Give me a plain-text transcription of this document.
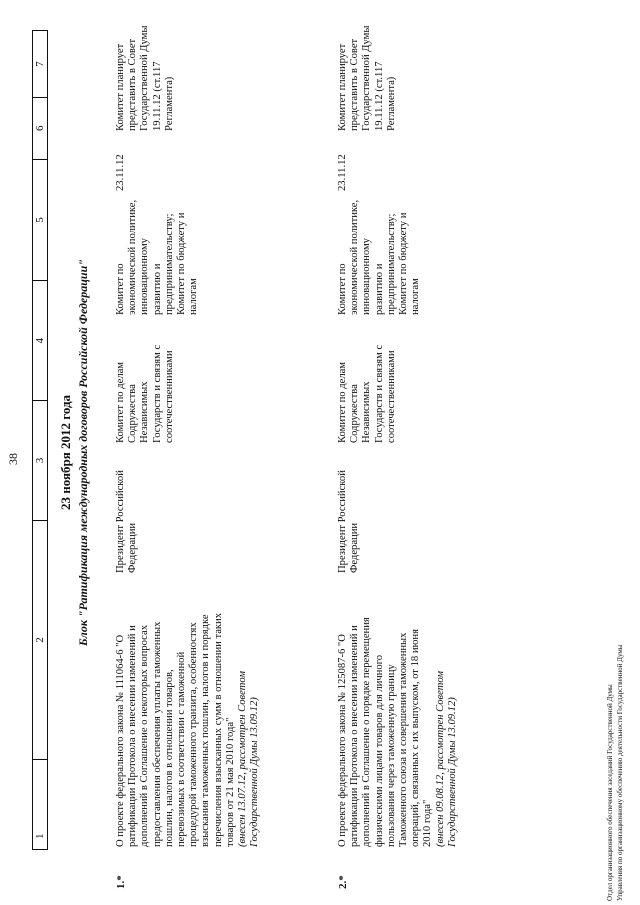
38
1
2
3
4
5
6
7
23 ноября 2012 года Блок "Ратификация международных договоров Российской Федерации"
1.*
О проекте федерального закона № 111064-6 "О ратификации Протокола о внесении изменений и дополнений в Соглашение о некоторых вопросах предоставления обеспечения уплаты таможенных пошлин, налогов в отношении товаров, перевозимых в соответствии с таможенной процедурой таможенного транзита, особенностях взыскания таможенных пошлин, налогов и порядке перечисления взысканных сумм в отношении таких товаров от 21 мая 2010 года" (внесен 13.07.12, рассмотрен Советом Государственной Думы 13.09.12)
Президент Российской Федерации
Комитет по делам Содружества Независимых Государств и связям с соотечественниками
Комитет по экономической политике, инновационному развитию и предпринимательству; Комитет по бюджету и налогам
23.11.12
Комитет планирует представить в Совет Государственной Думы 19.11.12 (ст.117 Регламента)
2.*
О проекте федерального закона № 125087-6 "О ратификации Протокола о внесении изменений и дополнений в Соглашение о порядке перемещения физическими лицами товаров для личного пользования через таможенную границу Таможенного союза и совершения таможенных операций, связанных с их выпуском, от 18 июня 2010 года" (внесен 09.08.12, рассмотрен Советом Государственной Думы 13.09.12)
Президент Российской Федерации
Комитет по делам Содружества Независимых Государств и связям с соотечественниками
Комитет по экономической политике, инновационному развитию и предпринимательству; Комитет по бюджету и налогам
23.11.12
Комитет планирует представить в Совет Государственной Думы 19.11.12 (ст.117 Регламента)
Отдел организационного обеспечения заседаний Государственной Думы Управления по организационному обеспечению деятельности Государственной Думы
